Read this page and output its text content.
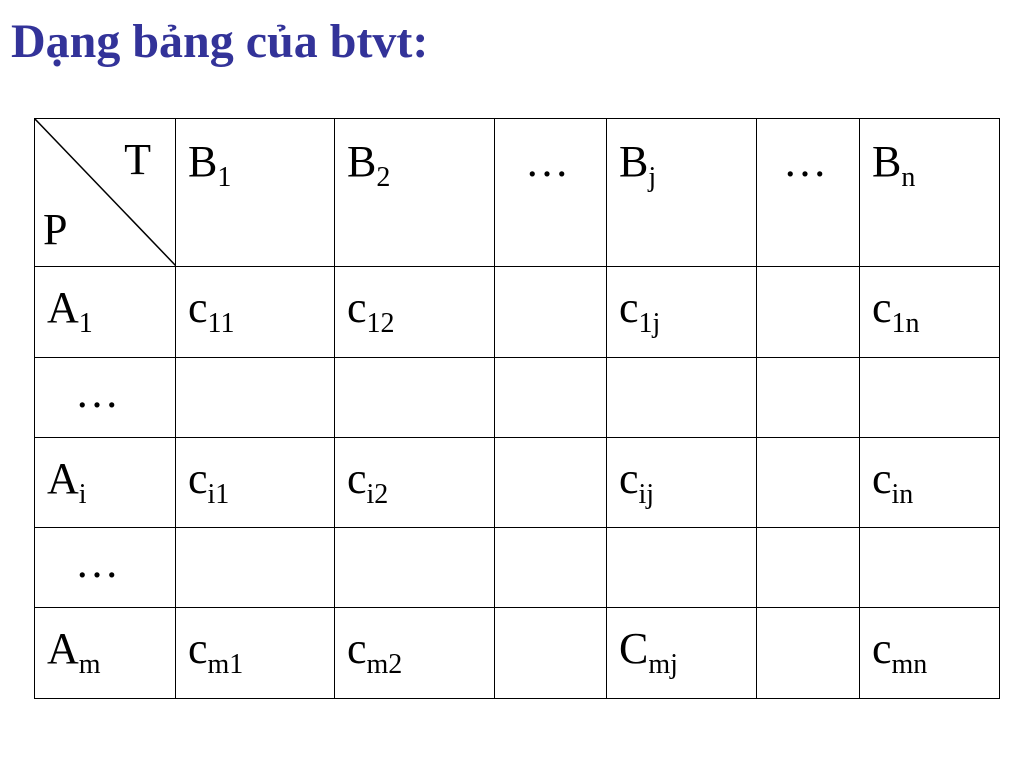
Dạng bảng của btvt:
T
P	$B_1$	$B_2$	…	$B_j$	…	$B_n$

$A_1$	$c_{11}$	$c_{12}$		$c_{1j}$		$c_{1n}$

…						

$A_i$	$c_{i1}$	$c_{i2}$		$c_{ij}$		$c_{in}$

…						

$A_m$	$c_{m1}$	$c_{m2}$		$C_{mj}$		$c_{mn}$
